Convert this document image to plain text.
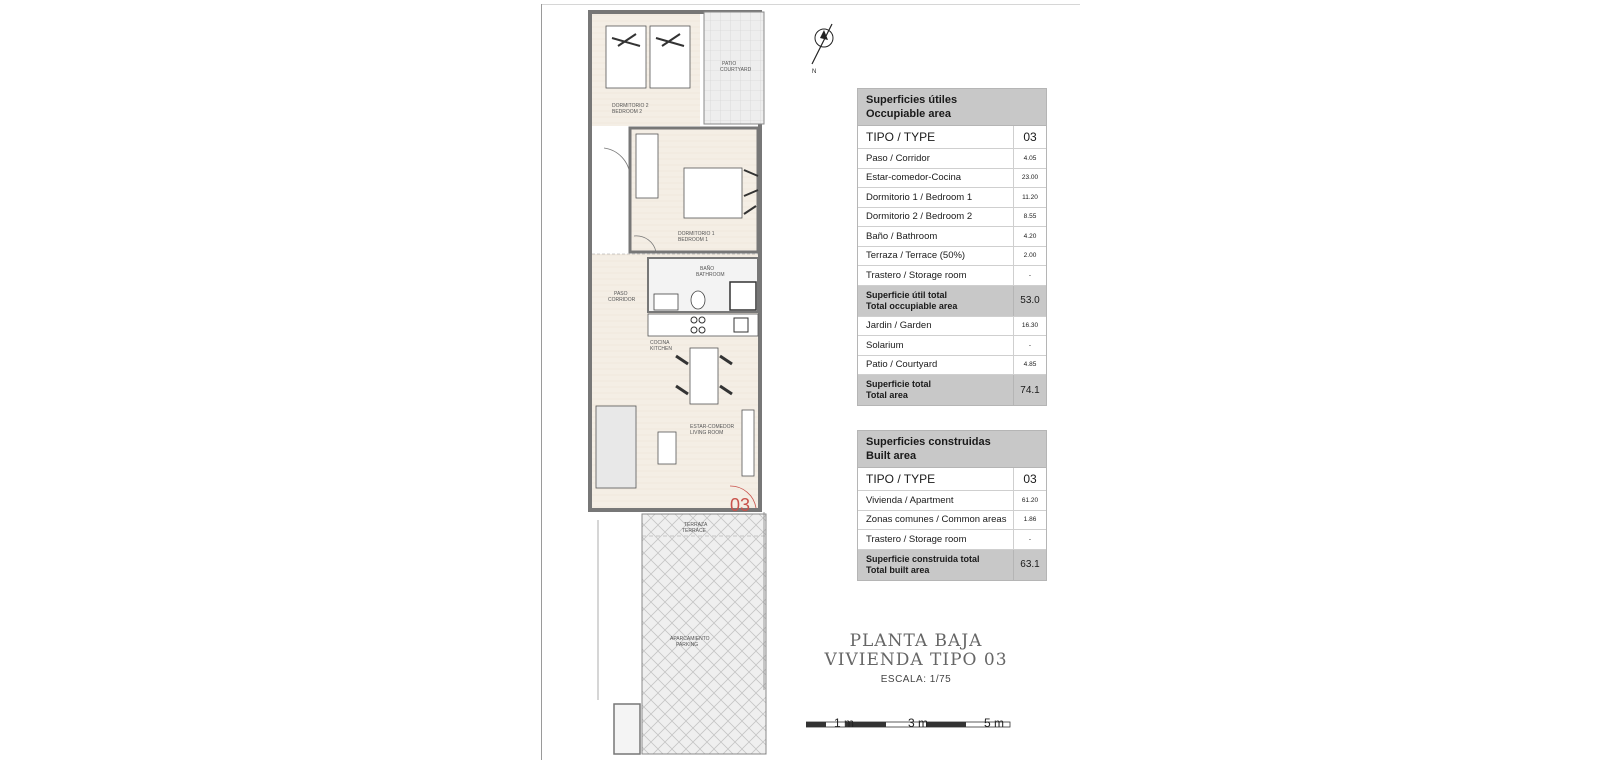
DORMITORIO 2 BEDROOM 2
PATIO COURTYARD
DORMITORIO 1 BEDROOM 1
BAÑO BATHROOM
PASO CORRIDOR
COCINA KITCHEN
ESTAR-COMEDOR LIVING ROOM
TERRAZA TERRACE
APARCAMIENTO PARKING
03
N
Superficies útiles
Occupiable area
TIPO / TYPE	03
Paso / Corridor	4.05
Estar-comedor-Cocina	23.00
Dormitorio 1 / Bedroom 1	11.20
Dormitorio 2 / Bedroom 2	8.55
Baño / Bathroom	4.20
Terraza / Terrace (50%)	2.00
Trastero / Storage room	-
Superficie útil total
Total occupiable area	53.0
Jardin / Garden	16.30
Solarium	-
Patio / Courtyard	4.85
Superficie total
Total area	74.1
Superficies construidas
Built area
TIPO / TYPE	03
Vivienda / Apartment	61.20
Zonas comunes / Common areas	1.86
Trastero / Storage room	-
Superficie construida total
Total built area	63.1
PLANTA BAJA
VIVIENDA TIPO 03
ESCALA: 1/75
1 m	3 m	5 m
